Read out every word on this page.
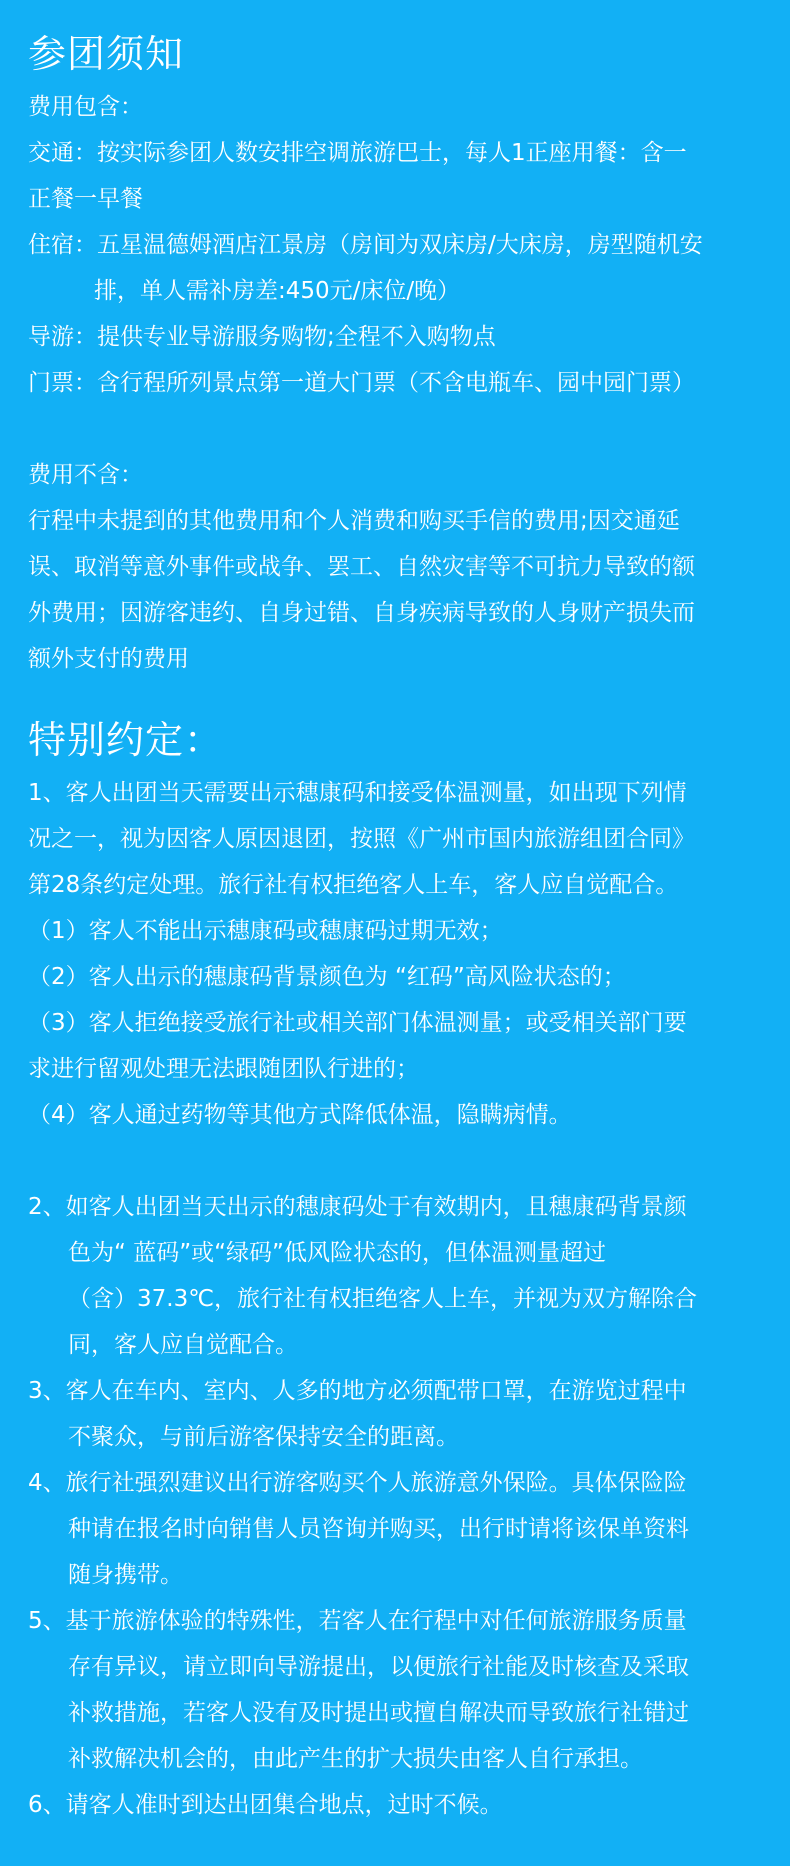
参团须知
费用包含：
交通：按实际参团人数安排空调旅游巴士，每人1正座用餐：含一
正餐一早餐
住宿：五星温德姆酒店江景房（房间为双床房/大床房，房型随机安
排，单人需补房差:450元/床位/晚）
导游：提供专业导游服务购物;全程不入购物点
门票：含行程所列景点第一道大门票（不含电瓶车、园中园门票）
费用不含：
行程中未提到的其他费用和个人消费和购买手信的费用;因交通延
误、取消等意外事件或战争、罢工、自然灾害等不可抗力导致的额
外费用；因游客违约、自身过错、自身疾病导致的人身财产损失而
额外支付的费用
特别约定：
1、客人出团当天需要出示穗康码和接受体温测量，如出现下列情
况之一，视为因客人原因退团，按照《广州市国内旅游组团合同》
第28条约定处理。旅行社有权拒绝客人上车，客人应自觉配合。
（1）客人不能出示穗康码或穗康码过期无效；
（2）客人出示的穗康码背景颜色为 “红码”高风险状态的；
（3）客人拒绝接受旅行社或相关部门体温测量；或受相关部门要
求进行留观处理无法跟随团队行进的；
（4）客人通过药物等其他方式降低体温，隐瞒病情。
2、如客人出团当天出示的穗康码处于有效期内，且穗康码背景颜
色为“ 蓝码”或“绿码”低风险状态的，但体温测量超过
（含）37.3℃，旅行社有权拒绝客人上车，并视为双方解除合
同，客人应自觉配合。
3、客人在车内、室内、人多的地方必须配带口罩，在游览过程中
不聚众，与前后游客保持安全的距离。
4、旅行社强烈建议出行游客购买个人旅游意外保险。具体保险险
种请在报名时向销售人员咨询并购买，出行时请将该保单资料
随身携带。
5、基于旅游体验的特殊性，若客人在行程中对任何旅游服务质量
存有异议，请立即向导游提出，以便旅行社能及时核查及采取
补救措施，若客人没有及时提出或擅自解决而导致旅行社错过
补救解决机会的，由此产生的扩大损失由客人自行承担。
6、请客人准时到达出团集合地点，过时不候。
